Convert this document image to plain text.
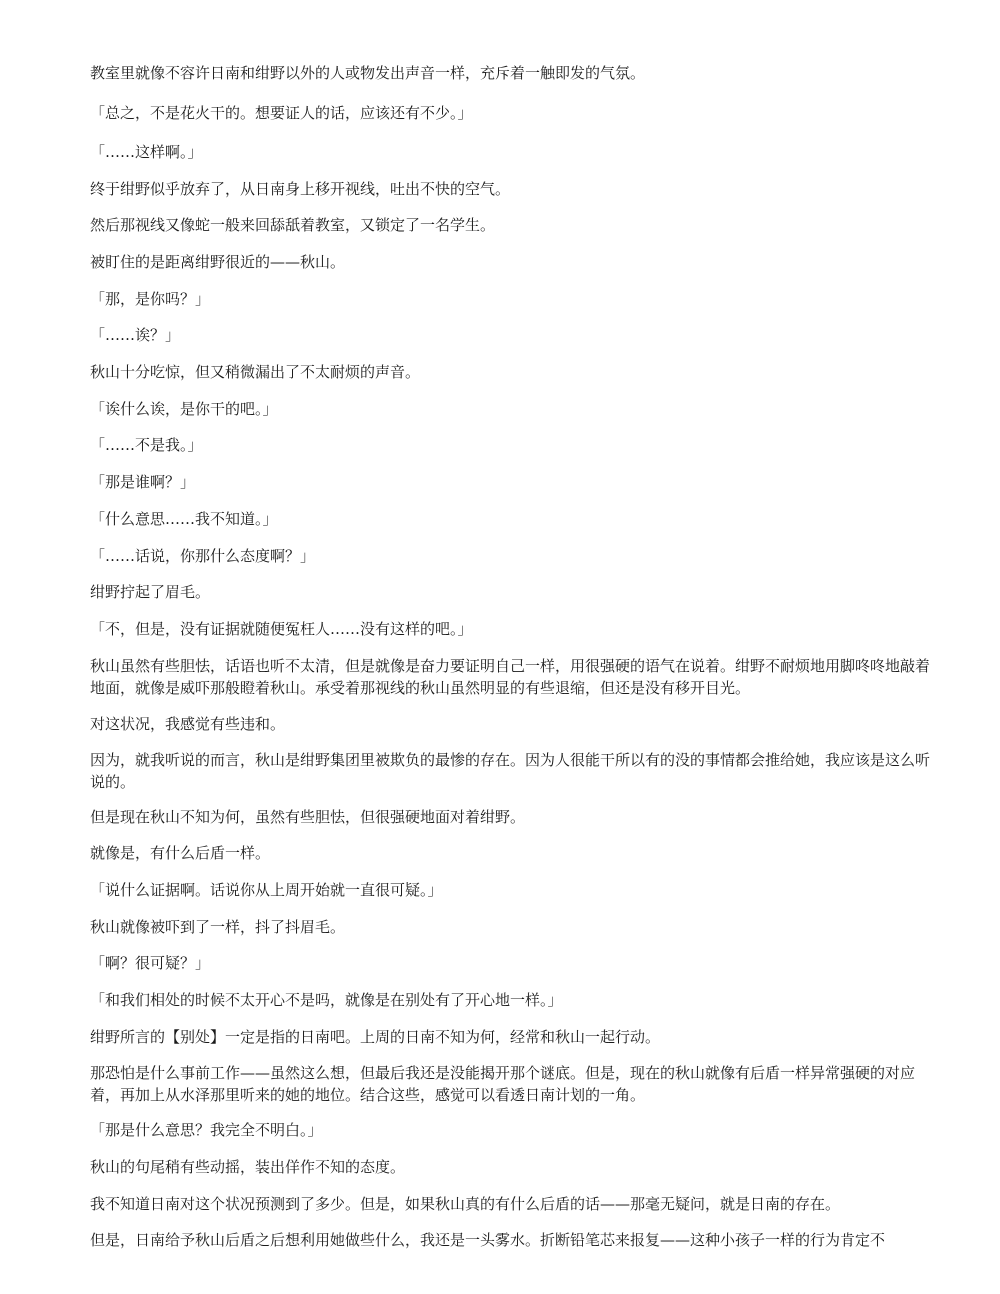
教室里就像不容许日南和绀野以外的人或物发出声音一样，充斥着一触即发的气氛。

「总之，不是花火干的。想要证人的话，应该还有不少。」

「……这样啊。」

终于绀野似乎放弃了，从日南身上移开视线，吐出不快的空气。

然后那视线又像蛇一般来回舔舐着教室，又锁定了一名学生。

被盯住的是距离绀野很近的——秋山。

「那，是你吗？」

「……诶？」

秋山十分吃惊，但又稍微漏出了不太耐烦的声音。

「诶什么诶，是你干的吧。」

「……不是我。」

「那是谁啊？」

「什么意思……我不知道。」

「……话说，你那什么态度啊？」

绀野拧起了眉毛。

「不，但是，没有证据就随便冤枉人……没有这样的吧。」

秋山虽然有些胆怯，话语也听不太清，但是就像是奋力要证明自己一样，用很强硬的语气在说着。绀野不耐烦地用脚咚咚地敲着地面，就像是威吓那般瞪着秋山。承受着那视线的秋山虽然明显的有些退缩，但还是没有移开目光。

对这状况，我感觉有些违和。

因为，就我听说的而言，秋山是绀野集团里被欺负的最惨的存在。因为人很能干所以有的没的事情都会推给她，我应该是这么听说的。

但是现在秋山不知为何，虽然有些胆怯，但很强硬地面对着绀野。

就像是，有什么后盾一样。

「说什么证据啊。话说你从上周开始就一直很可疑。」

秋山就像被吓到了一样，抖了抖眉毛。

「啊？很可疑？」

「和我们相处的时候不太开心不是吗，就像是在别处有了开心地一样。」

绀野所言的【别处】一定是指的日南吧。上周的日南不知为何，经常和秋山一起行动。

那恐怕是什么事前工作——虽然这么想，但最后我还是没能揭开那个谜底。但是，现在的秋山就像有后盾一样异常强硬的对应着，再加上从水泽那里听来的她的地位。结合这些，感觉可以看透日南计划的一角。

「那是什么意思？我完全不明白。」

秋山的句尾稍有些动摇，装出佯作不知的态度。

我不知道日南对这个状况预测到了多少。但是，如果秋山真的有什么后盾的话——那毫无疑问，就是日南的存在。

但是，日南给予秋山后盾之后想利用她做些什么，我还是一头雾水。折断铅笔芯来报复——这种小孩子一样的行为肯定不
